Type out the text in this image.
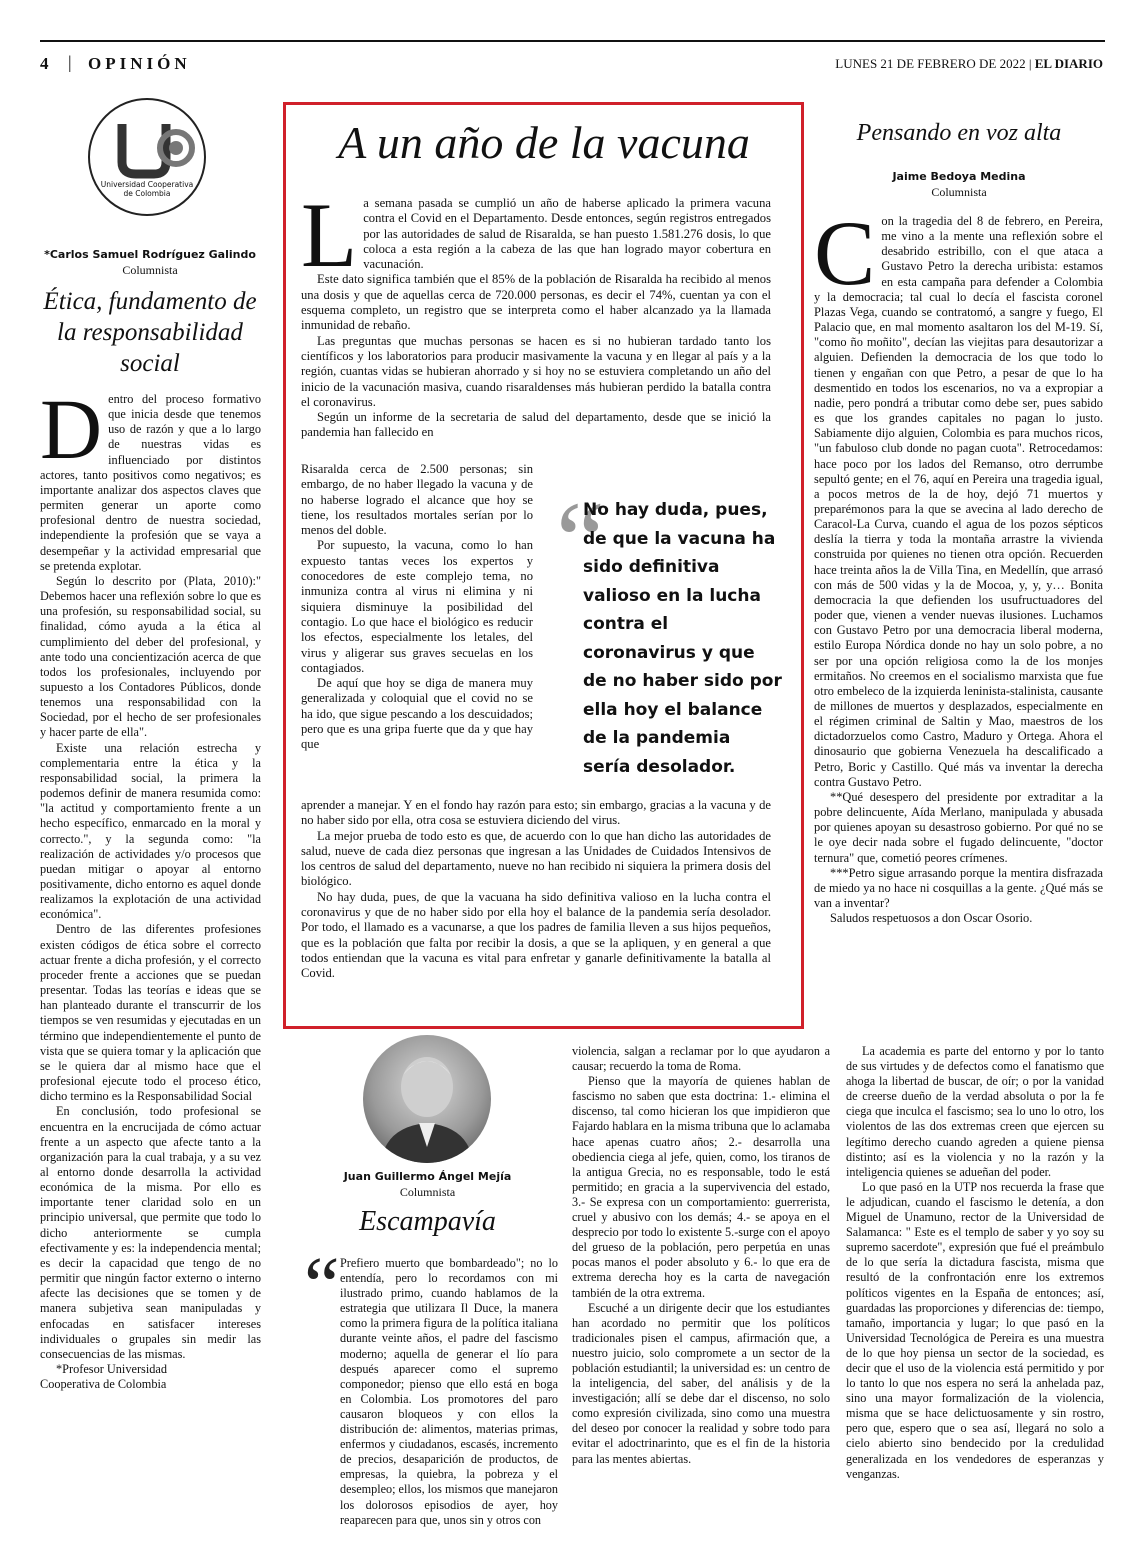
4 | OPINIÓN	LUNES 21 DE FEBRERO DE 2022 | EL DIARIO
Universidad Cooperativa
de Colombia
*Carlos Samuel Rodríguez Galindo
Columnista
Ética, fundamento de la responsabilidad social

Dentro del proceso formativo que inicia desde que tenemos uso de razón y que a lo largo de nuestras vidas es influenciado por distintos actores, tanto positivos como negativos; es importante analizar dos aspectos claves que permiten generar un aporte como profesional dentro de nuestra sociedad, independiente la profesión que se vaya a desempeñar y la actividad empresarial que se pretenda explotar.

Según lo descrito por (Plata, 2010):" Debemos hacer una reflexión sobre lo que es una profesión, su responsabilidad social, su finalidad, cómo ayuda a la ética al cumplimiento del deber del profesional, y ante todo una concientización acerca de que todos los profesionales, incluyendo por supuesto a los Contadores Públicos, donde tenemos una responsabilidad con la Sociedad, por el hecho de ser profesionales y hacer parte de ella".

Existe una relación estrecha y complementaria entre la ética y la responsabilidad social, la primera la podemos definir de manera resumida como: "la actitud y comportamiento frente a un hecho específico, enmarcado en la moral y correcto.", y la segunda como: "la realización de actividades y/o procesos que puedan mitigar o apoyar al entorno positivamente, dicho entorno es aquel donde realizamos la explotación de una actividad económica".

Dentro de las diferentes profesiones existen códigos de ética sobre el correcto actuar frente a dicha profesión, y el correcto proceder frente a acciones que se puedan presentar. Todas las teorías e ideas que se han planteado durante el transcurrir de los tiempos se ven resumidas y ejecutadas en un término que independientemente el punto de vista que se quiera tomar y la aplicación que se le quiera dar al mismo hace que el profesional ejecute todo el proceso ético, dicho termino es la Responsabilidad Social

En conclusión, todo profesional se encuentra en la encrucijada de cómo actuar frente a un aspecto que afecte tanto a la organización para la cual trabaja, y a su vez al entorno donde desarrolla la actividad económica de la misma. Por ello es importante tener claridad solo en un principio universal, que permite que todo lo dicho anteriormente se cumpla efectivamente y es: la independencia mental; es decir la capacidad que tengo de no permitir que ningún factor externo o interno afecte las decisiones que se tomen y de manera subjetiva sean manipuladas y enfocadas en satisfacer intereses individuales o grupales sin medir las consecuencias de las mismas.

*Profesor Universidad

Cooperativa de Colombia

A un año de la vacuna

La semana pasada se cumplió un año de haberse aplicado la primera vacuna contra el Covid en el Departamento. Desde entonces, según registros entregados por las autoridades de salud de Risaralda, se han puesto 1.581.276 dosis, lo que coloca a esta región a la cabeza de las que han logrado mayor cobertura en vacunación.

Este dato significa también que el 85% de la población de Risaralda ha recibido al menos una dosis y que de aquellas cerca de 720.000 personas, es decir el 74%, cuentan ya con el esquema completo, un registro que se interpreta como el haber alcanzado ya la llamada inmunidad de rebaño.

Las preguntas que muchas personas se hacen es si no hubieran tardado tanto los científicos y los laboratorios para producir masivamente la vacuna y en llegar al país y a la región, cuantas vidas se hubieran ahorrado y si hoy no se estuviera completando un año del inicio de la vacunación masiva, cuando risaraldenses más hubieran perdido la batalla contra el coronavirus.

Según un informe de la secretaria de salud del departamento, desde que se inició la pandemia han fallecido en

Risaralda cerca de 2.500 personas; sin embargo, de no haber llegado la vacuna y de no haberse logrado el alcance que hoy se tiene, los resultados mortales serían por lo menos del doble.

Por supuesto, la vacuna, como lo han expuesto tantas veces los expertos y conocedores de este complejo tema, no inmuniza contra al virus ni elimina y ni siquiera disminuye la posibilidad del contagio. Lo que hace el biológico es reducir los efectos, especialmente los letales, del virus y aligerar sus graves secuelas en los contagiados.

De aquí que hoy se diga de manera muy generalizada y coloquial que el covid no se ha ido, que sigue pescando a los descuidados; pero que es una gripa fuerte que da y que hay que

“
No hay duda, pues, de que la vacuna ha sido definitiva valioso en la lucha contra el coronavirus y que de no haber sido por ella hoy el balance de la pandemia sería desolador.

aprender a manejar. Y en el fondo hay razón para esto; sin embargo, gracias a la vacuna y de no haber sido por ella, otra cosa se estuviera diciendo del virus.

La mejor prueba de todo esto es que, de acuerdo con lo que han dicho las autoridades de salud, nueve de cada diez personas que ingresan a las Unidades de Cuidados Intensivos de los centros de salud del departamento, nueve no han recibido ni siquiera la primera dosis del biológico.

No hay duda, pues, de que la vacuana ha sido definitiva valioso en la lucha contra el coronavirus y que de no haber sido por ella hoy el balance de la pandemia sería desolador. Por todo, el llamado es a vacunarse, a que los padres de familia lleven a sus hijos pequeños, que es la población que falta por recibir la dosis, a que se la apliquen, y en general a que todos entiendan que la vacuna es vital para enfretar y ganarle definitivamente la batalla al Covid.

Pensando en voz alta
Jaime Bedoya Medina
Columnista

Con la tragedia del 8 de febrero, en Pereira, me vino a la mente una reflexión sobre el desabrido estribillo, con el que ataca a Gustavo Petro la derecha uribista: estamos en esta campaña para defender a Colombia y la democracia; tal cual lo decía el fascista coronel Plazas Vega, cuando se contratomó, a sangre y fuego, El Palacio que, en mal momento asaltaron los del M-19. Sí, "como ño moñito", decían las viejitas para desautorizar a alguien. Defienden la democracia de los que todo lo tienen y engañan con que Petro, a pesar de que lo ha desmentido en todos los escenarios, no va a expropiar a nadie, pero pondrá a tributar como debe ser, pues sabido es que los grandes capitales no pagan lo justo. Sabiamente dijo alguien, Colombia es para muchos ricos, "un fabuloso club donde no pagan cuota". Retrocedamos: hace poco por los lados del Remanso, otro derrumbe sepultó gente; en el 76, aquí en Pereira una tragedia igual, a pocos metros de la de hoy, dejó 71 muertos y preparémonos para la que se avecina al lado derecho de Caracol-La Curva, cuando el agua de los pozos sépticos deslía la tierra y toda la montaña arrastre la vivienda construida por quienes no tienen otra opción. Recuerden hace treinta años la de Villa Tina, en Medellín, que arrasó con más de 500 vidas y la de Mocoa, y, y, y… Bonita democracia la que defienden los usufructuadores del poder que, vienen a vender nuevas ilusiones. Luchamos con Gustavo Petro por una democracia liberal moderna, estilo Europa Nórdica donde no hay un solo pobre, a no ser por una opción religiosa como la de los monjes ermitaños. No creemos en el socialismo marxista que fue otro embeleco de la izquierda leninista-stalinista, causante de millones de muertos y desplazados, especialmente en el régimen criminal de Saltin y Mao, maestros de los dictadorzuelos como Castro, Maduro y Ortega. Ahora el dinosaurio que gobierna Venezuela ha descalificado a Petro, Boric y Castillo. Qué más va inventar la derecha contra Gustavo Petro.

**Qué desespero del presidente por extraditar a la pobre delincuente, Aída Merlano, manipulada y abusada por quienes apoyan su desastroso gobierno. Por qué no se le oye decir nada sobre el fugado delincuente, "doctor ternura" que, cometió peores crímenes.

***Petro sigue arrasando porque la mentira disfrazada de miedo ya no hace ni cosquillas a la gente. ¿Qué más se van a inventar?

Saludos respetuosos a don Oscar Osorio.

Juan Guillermo Ángel Mejía
Columnista
Escampavía
“ Prefiero muerto que bombardeado"; no lo entendía, pero lo recordamos con mi ilustrado primo, cuando hablamos de la estrategia que utilizara Il Duce, la manera como la primera figura de la política italiana durante veinte años, el padre del fascismo moderno; aquella de generar el lío para después aparecer como el supremo componedor; pienso que ello está en boga en Colombia. Los promotores del paro causaron bloqueos y con ellos la distribución de: alimentos, materias primas, enfermos y ciudadanos, escasés, incremento de precios, desaparición de productos, de empresas, la quiebra, la pobreza y el desempleo; ellos, los mismos que manejaron los dolorosos episodios de ayer, hoy reaparecen para que, unos sin y otros con

violencia, salgan a reclamar por lo que ayudaron a causar; recuerdo la toma de Roma.

Pienso que la mayoría de quienes hablan de fascismo no saben que esta doctrina: 1.- elimina el discenso, tal como hicieran los que impidieron que Fajardo hablara en la misma tribuna que lo aclamaba hace apenas cuatro años; 2.- desarrolla una obediencia ciega al jefe, quien, como, los tiranos de la antigua Grecia, no es responsable, todo le está permitido; en gracia a la supervivencia del estado, 3.- Se expresa con un comportamiento: guerrerista, cruel y abusivo con los demás; 4.- se apoya en el desprecio por todo lo existente 5.-surge con el apoyo del grueso de la población, pero perpetúa en unas pocas manos el poder absoluto y 6.- lo que era de extrema derecha hoy es la carta de navegación también de la otra extrema.

Escuché a un dirigente decir que los estudiantes han acordado no permitir que los políticos tradicionales pisen el campus, afirmación que, a nuestro juicio, solo compromete a un sector de la población estudiantil; la universidad es: un centro de la inteligencia, del saber, del análisis y de la investigación; allí se debe dar el discenso, no solo como expresión civilizada, sino como una muestra del deseo por conocer la realidad y sobre todo para evitar el adoctrinarinto, que es el fin de la historia para las mentes abiertas.

La academia es parte del entorno y por lo tanto de sus virtudes y de defectos como el fanatismo que ahoga la libertad de buscar, de oír; o por la vanidad de creerse dueño de la verdad absoluta o por la fe ciega que inculca el fascismo; sea lo uno lo otro, los violentos de las dos extremas creen que ejercen su legítimo derecho cuando agreden a quiene piensa distinto; así es la violencia y no la razón y la inteligencia quienes se adueñan del poder.

Lo que pasó en la UTP nos recuerda la frase que le adjudican, cuando el fascismo le detenía, a don Miguel de Unamuno, rector de la Universidad de Salamanca: " Este es el templo de saber y yo soy su supremo sacerdote", expresión que fué el preámbulo de lo que sería la dictadura fascista, misma que resultó de la confrontación enre los extremos políticos vigentes en la España de entonces; así, guardadas las proporciones y diferencias de: tiempo, tamaño, importancia y lugar; lo que pasó en la Universidad Tecnológica de Pereira es una muestra de lo que hoy piensa un sector de la sociedad, es decir que el uso de la violencia está permitido y por lo tanto lo que nos espera no será la anhelada paz, sino una mayor formalización de la violencia, misma que se hace delictuosamente y sin rostro, pero que, espero que o sea así, llegará no solo a cielo abierto sino bendecido por la credulidad generalizada en los vendedores de esperanzas y venganzas.
